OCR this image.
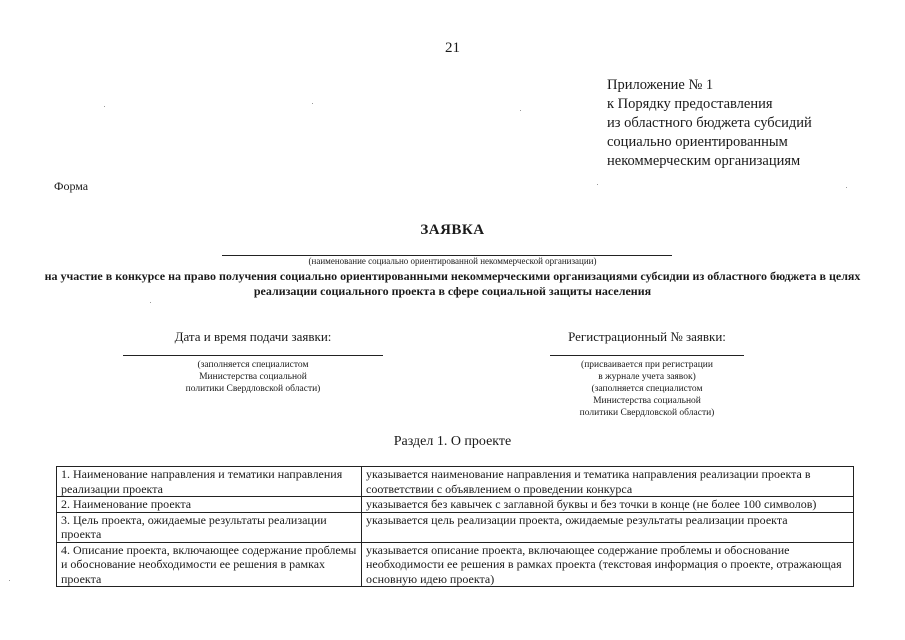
21
Приложение № 1
к Порядку предоставления
из областного бюджета субсидий
социально ориентированным
некоммерческим организациям
Форма
ЗАЯВКА
(наименование социально ориентированной некоммерческой организации)
на участие в конкурсе на право получения социально ориентированными некоммерческими организациями субсидии из областного бюджета в целях реализации социального проекта в сфере социальной защиты населения
Дата и время подачи заявки:
(заполняется специалистом
Министерства социальной
политики Свердловской области)
Регистрационный № заявки:
(присваивается при регистрации
в журнале учета заявок)
(заполняется специалистом
Министерства социальной
политики Свердловской области)
Раздел 1. О проекте
1. Наименование направления и тематики направления реализации проекта	указывается наименование направления и тематика направления реализации проекта в соответствии с объявлением о проведении конкурса
2. Наименование проекта	указывается без кавычек с заглавной буквы и без точки в конце (не более 100 символов)
3. Цель проекта, ожидаемые результаты реализации проекта	указывается цель реализации проекта, ожидаемые результаты реализации проекта
4. Описание проекта, включающее содержание проблемы и обоснование необходимости ее решения в рамках проекта	указывается описание проекта, включающее содержание проблемы и обоснование необходимости ее решения в рамках проекта (текстовая информация о проекте, отражающая основную идею проекта)
